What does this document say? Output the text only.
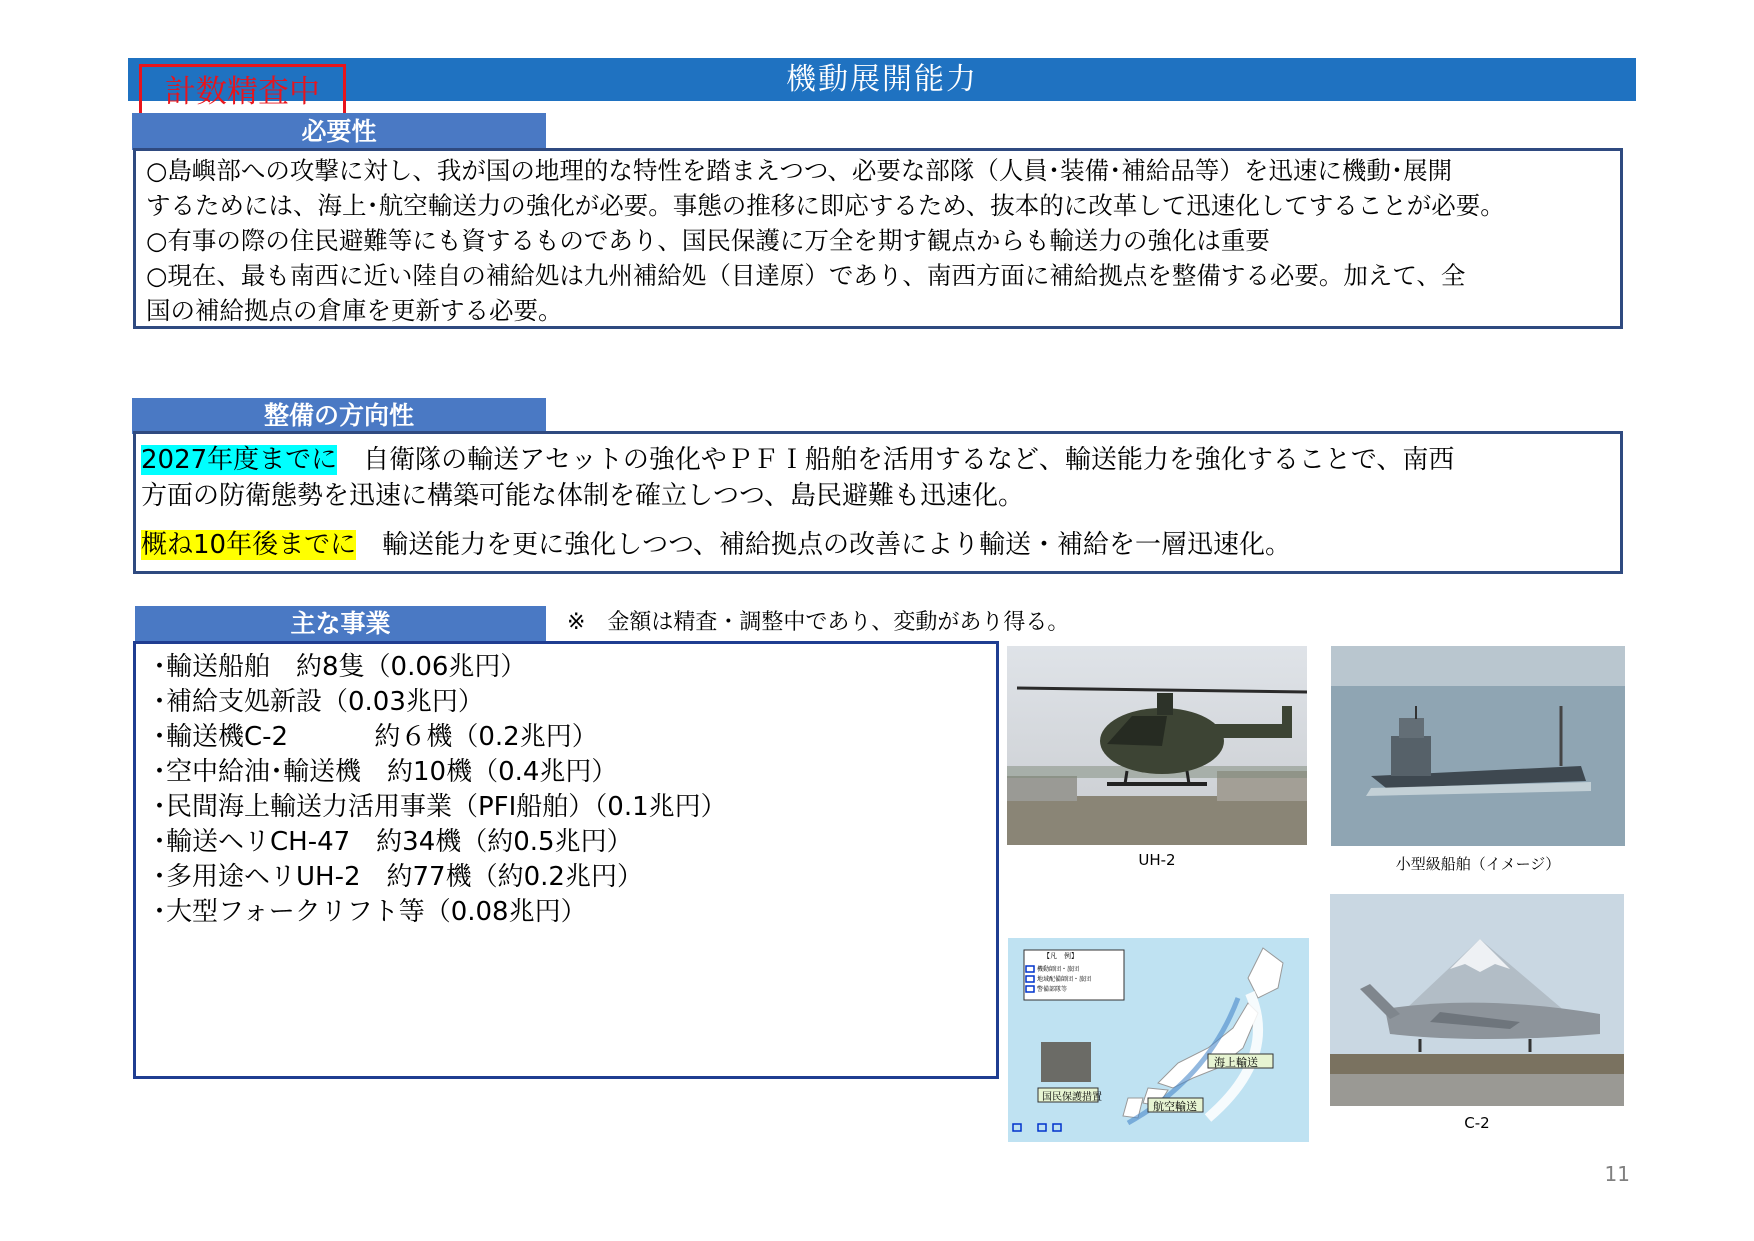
機動展開能力
計数精査中
必要性
○島嶼部への攻撃に対し、我が国の地理的な特性を踏まえつつ、必要な部隊（人員･装備･補給品等）を迅速に機動･展開
するためには、海上･航空輸送力の強化が必要。事態の推移に即応するため、抜本的に改革して迅速化してすることが必要。
○有事の際の住民避難等にも資するものであり、国民保護に万全を期す観点からも輸送力の強化は重要
○現在、最も南西に近い陸自の補給処は九州補給処（目達原）であり、南西方面に補給拠点を整備する必要。加えて、全
国の補給拠点の倉庫を更新する必要。
整備の方向性
2027年度までに　自衛隊の輸送アセットの強化やＰＦＩ船舶を活用するなど、輸送能力を強化することで、南西
方面の防衛態勢を迅速に構築可能な体制を確立しつつ、島民避難も迅速化。
概ね10年後までに　輸送能力を更に強化しつつ、補給拠点の改善により輸送・補給を一層迅速化。
主な事業	※　金額は精査・調整中であり、変動があり得る。
･輸送船舶　約8隻（0.06兆円）
･補給支処新設（0.03兆円）
･輸送機C-2　　　 約６機（0.2兆円）
･空中給油･輸送機　約10機（0.4兆円）
･民間海上輸送力活用事業（PFI船舶）（0.1兆円）
･輸送ヘリCH-47　約34機（約0.5兆円）
･多用途ヘリUH-2　約77機（約0.2兆円）
･大型フォークリフト等（0.08兆円）
UH-2	小型級船舶（イメージ）
【凡　例】
機動師団・旅団
地域配備師団・旅団
警備部隊等
海上輸送
国民保護措置
航空輸送
C-2
11
